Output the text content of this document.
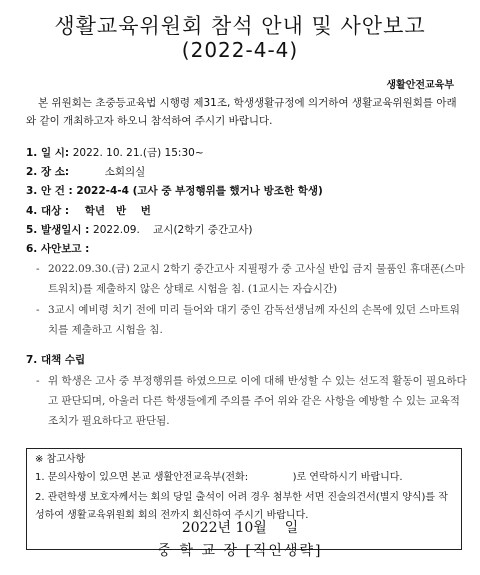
생활교육위원회 참석 안내 및 사안보고
(2022-4-4)
생활안전교육부
본 위원회는 초중등교육법 시행령 제31조, 학생생활규정에 의거하여 생활교육위원회를 아래와 같이 개최하고자 하오니 참석하여 주시기 바랍니다.
1. 일 시: 2022. 10. 21.(금) 15:30~
2. 장 소:	소회의실
3. 안 건 : 2022-4-4 (고사 중 부정행위를 했거나 방조한 학생)
4. 대상 : 학년   반    번
5. 발생일시 : 2022.09.    교시(2학기 중간고사)
6. 사안보고 :
- 2022.09.30.(금) 2교시 2학기 중간고사 지필평가 중 고사실 반입 금지 물품인 휴대폰(스마트워치)를 제출하지 않은 상태로 시험을 침. (1교시는 자습시간)
- 3교시 예비령 치기 전에 미리 들어와 대기 중인 감독선생님께 자신의 손목에 있던 스마트워치를 제출하고 시험을 침.
7. 대책 수립
- 위 학생은 고사 중 부정행위를 하였으므로 이에 대해 반성할 수 있는 선도적 활동이 필요하다고 판단되며, 아울러 다른 학생들에게 주의를 주어 위와 같은 사항을 예방할 수 있는 교육적 조치가 필요하다고 판단됨.
※ 참고사항
1. 문의사항이 있으면 본교 생활안전교육부(전화:              )로 연락하시기 바랍니다.
2. 관련학생 보호자께서는 회의 당일 출석이 어려 경우 첨부한 서면 진술의견서(별지 양식)를 작성하여 생활교육위원회 회의 전까지 회신하여 주시기 바랍니다.
2022년 10월    일
중 학 교 장 [직인생략]
